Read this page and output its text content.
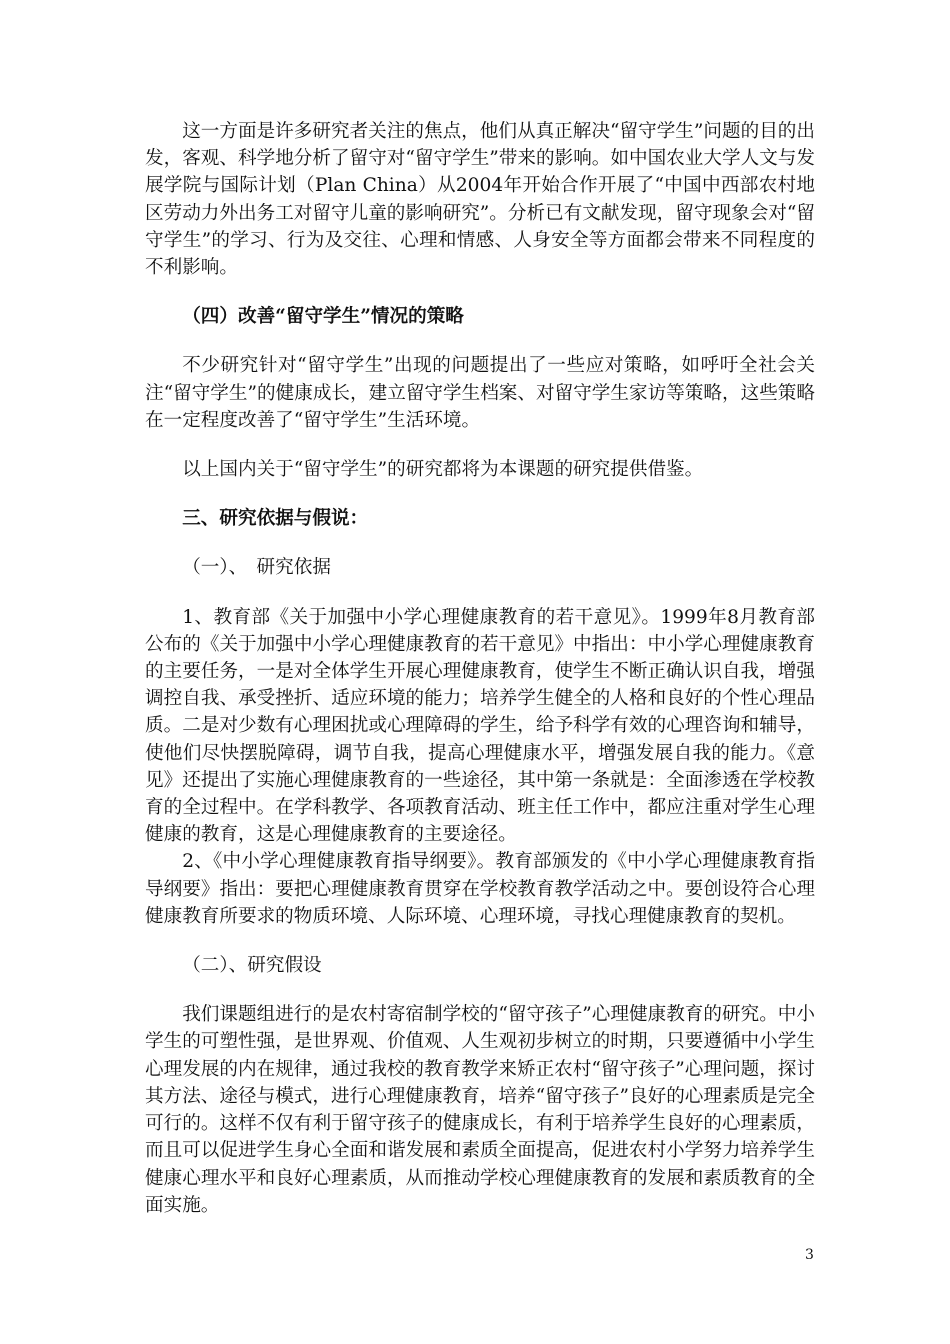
这一方面是许多研究者关注的焦点，他们从真正解决“留守学生”问题的目的出发，客观、科学地分析了留守对“留守学生”带来的影响。如中国农业大学人文与发展学院与国际计划（Plan China）从2004年开始合作开展了“中国中西部农村地区劳动力外出务工对留守儿童的影响研究”。分析已有文献发现，留守现象会对“留守学生”的学习、行为及交往、心理和情感、人身安全等方面都会带来不同程度的不利影响。

（四）改善“留守学生”情况的策略

不少研究针对“留守学生”出现的问题提出了一些应对策略，如呼吁全社会关注“留守学生”的健康成长，建立留守学生档案、对留守学生家访等策略，这些策略在一定程度改善了“留守学生”生活环境。

以上国内关于“留守学生”的研究都将为本课题的研究提供借鉴。

三、研究依据与假说：

（一）、　研究依据

1、教育部《关于加强中小学心理健康教育的若干意见》。1999年8月教育部公布的《关于加强中小学心理健康教育的若干意见》中指出：中小学心理健康教育的主要任务，一是对全体学生开展心理健康教育，使学生不断正确认识自我，增强调控自我、承受挫折、适应环境的能力；培养学生健全的人格和良好的个性心理品质。二是对少数有心理困扰或心理障碍的学生，给予科学有效的心理咨询和辅导，使他们尽快摆脱障碍，调节自我，提高心理健康水平，增强发展自我的能力。《意见》还提出了实施心理健康教育的一些途径，其中第一条就是：全面渗透在学校教育的全过程中。在学科教学、各项教育活动、班主任工作中，都应注重对学生心理健康的教育，这是心理健康教育的主要途径。

2、《中小学心理健康教育指导纲要》。教育部颁发的《中小学心理健康教育指导纲要》指出：要把心理健康教育贯穿在学校教育教学活动之中。要创设符合心理健康教育所要求的物质环境、人际环境、心理环境，寻找心理健康教育的契机。

（二）、研究假设

我们课题组进行的是农村寄宿制学校的“留守孩子”心理健康教育的研究。中小学生的可塑性强，是世界观、价值观、人生观初步树立的时期，只要遵循中小学生心理发展的内在规律，通过我校的教育教学来矫正农村“留守孩子”心理问题，探讨其方法、途径与模式，进行心理健康教育，培养“留守孩子”良好的心理素质是完全可行的。这样不仅有利于留守孩子的健康成长，有利于培养学生良好的心理素质，而且可以促进学生身心全面和谐发展和素质全面提高，促进农村小学努力培养学生健康心理水平和良好心理素质，从而推动学校心理健康教育的发展和素质教育的全面实施。

3
